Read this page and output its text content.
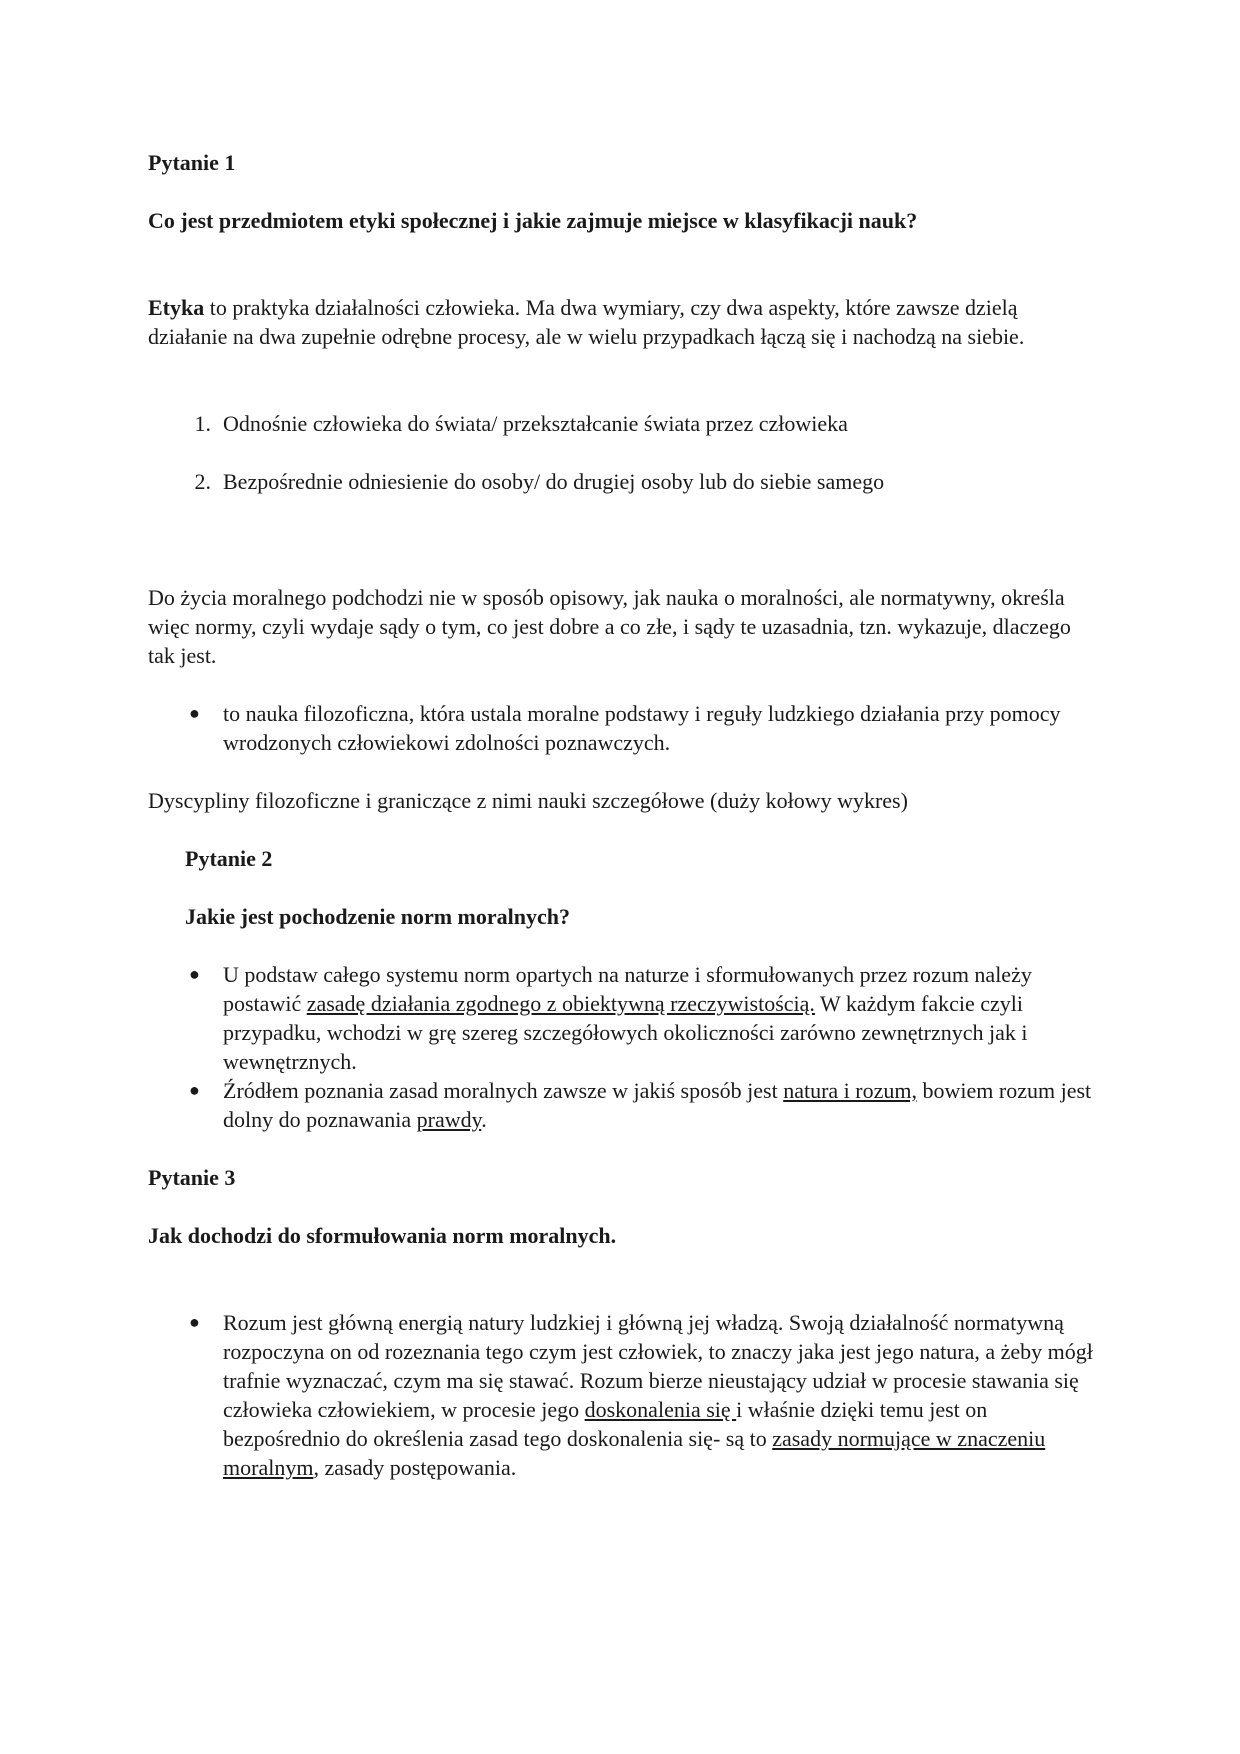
Pytanie 1

Co jest przedmiotem etyki społecznej i jakie zajmuje miejsce w klasyfikacji nauk?

Etyka to praktyka działalności człowieka. Ma dwa wymiary, czy dwa aspekty, które zawsze dzielą działanie na dwa zupełnie odrębne procesy, ale w wielu przypadkach łączą się i nachodzą na siebie.

1. Odnośnie człowieka do świata/ przekształcanie świata przez człowieka

2. Bezpośrednie odniesienie do osoby/ do drugiej osoby lub do siebie samego

Do życia moralnego podchodzi nie w sposób opisowy, jak nauka o moralności, ale normatywny, określa więc normy, czyli wydaje sądy o tym, co jest dobre a co złe, i sądy te uzasadnia, tzn. wykazuje, dlaczego tak jest.

● to nauka filozoficzna, która ustala moralne podstawy i reguły ludzkiego działania przy pomocy wrodzonych człowiekowi zdolności poznawczych.

Dyscypliny filozoficzne i graniczące z nimi nauki szczegółowe (duży kołowy wykres)

Pytanie 2

Jakie jest pochodzenie norm moralnych?

● U podstaw całego systemu norm opartych na naturze i sformułowanych przez rozum należy postawić zasadę działania zgodnego z obiektywną rzeczywistością. W każdym fakcie czyli przypadku, wchodzi w grę szereg szczegółowych okoliczności zarówno zewnętrznych jak i wewnętrznych.

● Źródłem poznania zasad moralnych zawsze w jakiś sposób jest natura i rozum, bowiem rozum jest dolny do poznawania prawdy.

Pytanie 3

Jak dochodzi do sformułowania norm moralnych.

● Rozum jest główną energią natury ludzkiej i główną jej władzą. Swoją działalność normatywną rozpoczyna on od rozeznania tego czym jest człowiek, to znaczy jaka jest jego natura, a żeby mógł trafnie wyznaczać, czym ma się stawać. Rozum bierze nieustający udział w procesie stawania się człowieka człowiekiem, w procesie jego doskonalenia się i właśnie dzięki temu jest on bezpośrednio do określenia zasad tego doskonalenia się- są to zasady normujące w znaczeniu moralnym, zasady postępowania.
